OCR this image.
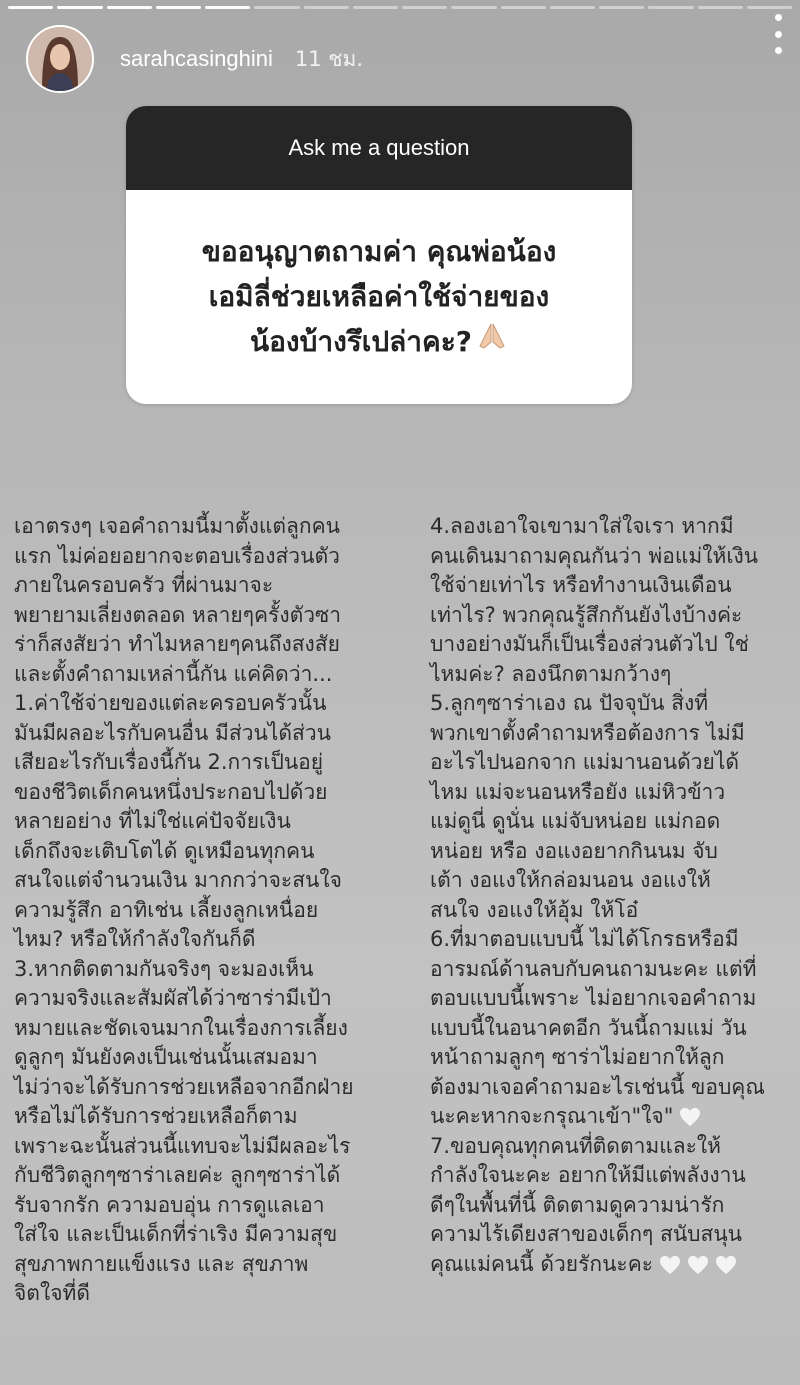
sarahcasinghini 11 ชม.
Ask me a question
ขออนุญาตถามค่า คุณพ่อน้อง
เอมิลี่ช่วยเหลือค่าใช้จ่ายของ
น้องบ้างรึเปล่าคะ?
เอาตรงๆ เจอคำถามนี้มาตั้งแต่ลูกคน
แรก ไม่ค่อยอยากจะตอบเรื่องส่วนตัว
ภายในครอบครัว ที่ผ่านมาจะ
พยายามเลี่ยงตลอด หลายๆครั้งตัวซา
ร่าก็สงสัยว่า ทำไมหลายๆคนถึงสงสัย
และตั้งคำถามเหล่านี้กัน แค่คิดว่า...
1.ค่าใช้จ่ายของแต่ละครอบครัวนั้น
มันมีผลอะไรกับคนอื่น มีส่วนได้ส่วน
เสียอะไรกับเรื่องนี้กัน 2.การเป็นอยู่
ของชีวิตเด็กคนหนึ่งประกอบไปด้วย
หลายอย่าง ที่ไม่ใช่แค่ปัจจัยเงิน
เด็กถึงจะเติบโตได้ ดูเหมือนทุกคน
สนใจแต่จำนวนเงิน มากกว่าจะสนใจ
ความรู้สึก อาทิเช่น เลี้ยงลูกเหนื่อย
ไหม? หรือให้กำลังใจกันก็ดี
3.หากติดตามกันจริงๆ จะมองเห็น
ความจริงและสัมผัสได้ว่าซาร่ามีเป้า
หมายและชัดเจนมากในเรื่องการเลี้ยง
ดูลูกๆ มันยังคงเป็นเช่นนั้นเสมอมา
ไม่ว่าจะได้รับการช่วยเหลือจากอีกฝ่าย
หรือไม่ได้รับการช่วยเหลือก็ตาม
เพราะฉะนั้นส่วนนี้แทบจะไม่มีผลอะไร
กับชีวิตลูกๆซาร่าเลยค่ะ ลูกๆซาร่าได้
รับจากรัก ความอบอุ่น การดูแลเอา
ใส่ใจ และเป็นเด็กที่ร่าเริง มีความสุข
สุขภาพกายแข็งแรง และ สุขภาพ
จิตใจที่ดี
4.ลองเอาใจเขามาใส่ใจเรา หากมี
คนเดินมาถามคุณกันว่า พ่อแม่ให้เงิน
ใช้จ่ายเท่าไร หรือทำงานเงินเดือน
เท่าไร? พวกคุณรู้สึกกันยังไงบ้างค่ะ
บางอย่างมันก็เป็นเรื่องส่วนตัวไป ใช่
ไหมค่ะ? ลองนึกตามกว้างๆ
5.ลูกๆซาร่าเอง ณ ปัจจุบัน สิ่งที่
พวกเขาตั้งคำถามหรือต้องการ ไม่มี
อะไรไปนอกจาก แม่มานอนด้วยได้
ไหม แม่จะนอนหรือยัง แม่หิวข้าว
แม่ดูนี่ ดูนั่น แม่จับหน่อย แม่กอด
หน่อย หรือ งอแงอยากกินนม จับ
เต้า งอแงให้กล่อมนอน งอแงให้
สนใจ งอแงให้อุ้ม ให้โอ๋
6.ที่มาตอบแบบนี้ ไม่ได้โกรธหรือมี
อารมณ์ด้านลบกับคนถามนะคะ แต่ที่
ตอบแบบนี้เพราะ ไม่อยากเจอคำถาม
แบบนี้ในอนาคตอีก วันนี้ถามแม่ วัน
หน้าถามลูกๆ ซาร่าไม่อยากให้ลูก
ต้องมาเจอคำถามอะไรเช่นนี้ ขอบคุณ
นะคะหากจะกรุณาเข้า"ใจ"
7.ขอบคุณทุกคนที่ติดตามและให้
กำลังใจนะคะ อยากให้มีแต่พลังงาน
ดีๆในพื้นที่นี้ ติดตามดูความน่ารัก
ความไร้เดียงสาของเด็กๆ สนับสนุน
คุณแม่คนนี้ ด้วยรักนะคะ
